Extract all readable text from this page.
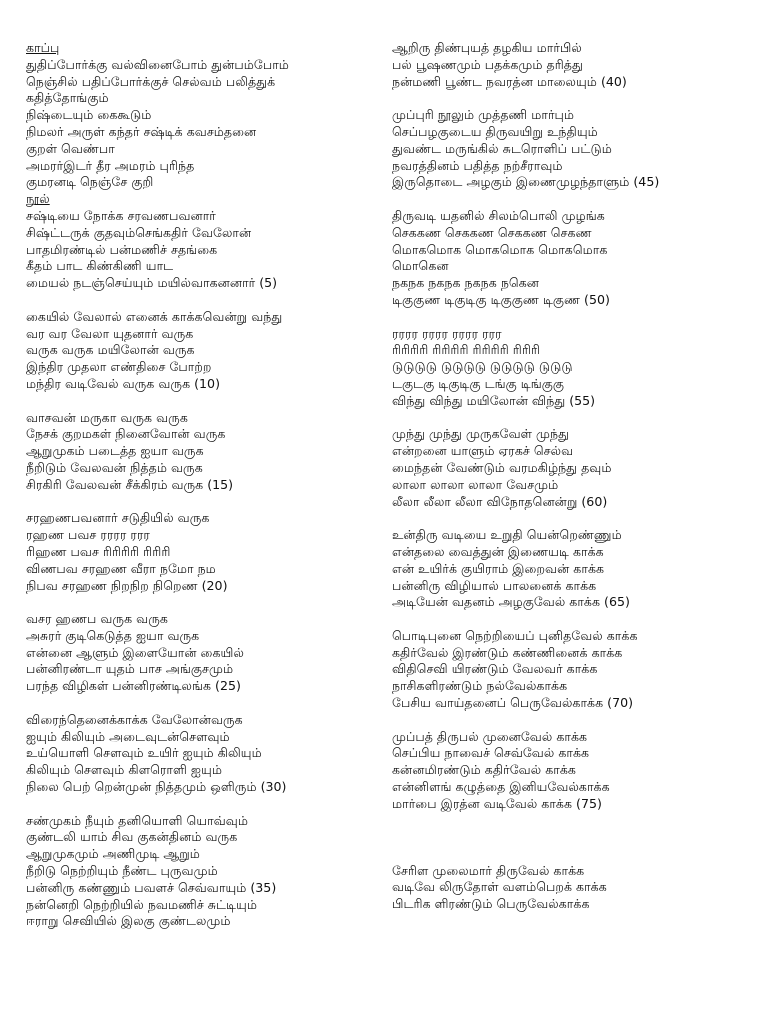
காப்பு
துதிப்போர்க்கு வல்வினைபோம் துன்பம்போம்
நெஞ்சில் பதிப்போர்க்குச் செல்வம் பலித்துக்
கதித்தோங்கும்
நிஷ்டையும் கைகூடும்
நிமலர் அருள் கந்தர் சஷ்டிக் கவசம்தனை
குறள் வெண்பா
அமரர்இடர் தீர அமரம் புரிந்த
குமரனடி நெஞ்சே குறி
நூல்
சஷ்டியை நோக்க சரவணபவனார்
சிஷ்ட்டருக் குதவும்செங்கதிர் வேலோன்
பாதமிரண்டில் பன்மணிச் சதங்கை
கீதம் பாட கிண்கிணி யாட
மையல் நடஞ்செய்யும் மயில்வாகனனார் (5)
கையில் வேலால் எனைக் காக்கவென்று வந்து
வர வர வேலா யுதனார் வருக
வருக வருக மயிலோன் வருக
இந்திர முதலா எண்திசை போற்ற
மந்திர வடிவேல் வருக வருக (10)
வாசவன் மருகா வருக வருக
நேசக் குறமகள் நினைவோன் வருக
ஆறுமுகம் படைத்த ஐயா வருக
நீறிடும் வேலவன் நித்தம் வருக
சிரகிரி வேலவன் சீக்கிரம் வருக (15)
சரஹணபவனார் சடுதியில் வருக
ரஹண பவச ரரரர ரரர
ரிஹண பவச ரிரிரிரி ரிரிரி
விணபவ சரஹண வீரா நமோ நம
நிபவ சரஹண நிறநிற நிறெண (20)
வசர ஹணப வருக வருக
அசுரர் குடிகெடுத்த ஐயா வருக
என்னை ஆளும் இளையோன் கையில்
பன்னிரண்டா யுதம் பாச அங்குசமும்
பரந்த விழிகள் பன்னிரண்டிலங்க (25)
விரைந்தெனைக்காக்க வேலோன்வருக
ஐயும் கிலியும் அடைவுடன்சௌவும்
உய்யொளி சௌவும் உயிர் ஐயும் கிலியும்
கிலியும் சௌவும் கிளரொளி ஐயும்
நிலை பெற் றென்முன் நித்தமும் ஒளிரும் (30)
சண்முகம் நீயும் தனியொளி யொவ்வும்
குண்டலி யாம் சிவ குகன்தினம் வருக
ஆறுமுகமும் அணிமுடி ஆறும்
நீறிடு நெற்றியும் நீண்ட புருவமும்
பன்னிரு கண்ணும் பவளச் செவ்வாயும் (35)
நன்னெறி நெற்றியில் நவமணிச் சுட்டியும்
ஈராறு செவியில் இலகு குண்டலமும்
ஆறிரு திண்புயத் தழகிய மார்பில்
பல் பூஷணமும் பதக்கமும் தரித்து
நன்மணி பூண்ட நவரத்ன மாலையும் (40)
முப்புரி நூலும் முத்தணி மார்பும்
செப்பழகுடைய திருவயிறு உந்தியும்
துவண்ட மருங்கில் சுடரொளிப் பட்டும்
நவரத்தினம் பதித்த நற்சீராவும்
இருதொடை அழகும் இணைமுழந்தாளும் (45)
திருவடி யதனில் சிலம்பொலி முழங்க
செககண செககண செககண செகண
மொகமொக மொகமொக மொகமொக
மொகென
நகநக நகநக நகநக நகென
டிகுகுண டிகுடிகு டிகுகுண டிகுண (50)
ரரரர ரரரர ரரரர ரரர
ரிரிரிரி ரிரிரிரி ரிரிரிரி ரிரிரி
டுடுடுடு டுடுடுடு டுடுடுடு டுடுடு
டகுடகு டிகுடிகு டங்கு டிங்குகு
விந்து விந்து மயிலோன் விந்து (55)
முந்து முந்து முருகவேள் முந்து
என்றனை யாளும் ஏரகச் செல்வ
மைந்தன் வேண்டும் வரமகிழ்ந்து தவும்
லாலா லாலா லாலா வேசமும்
லீலா லீலா லீலா விநோதனென்று (60)
உன்திரு வடியை உறுதி யென்றெண்ணும்
என்தலை வைத்துன் இணையடி காக்க
என் உயிர்க் குயிராம் இறைவன் காக்க
பன்னிரு விழியால் பாலனைக் காக்க
அடியேன் வதனம் அழகுவேல் காக்க (65)
பொடிபுனை நெற்றியைப் புனிதவேல் காக்க
கதிர்வேல் இரண்டும் கண்ணினைக் காக்க
விதிசெவி யிரண்டும் வேலவர் காக்க
நாசிகளிரண்டும் நல்வேல்காக்க
பேசிய வாய்தனைப் பெருவேல்காக்க (70)
முப்பத் திருபல் முனைவேல் காக்க
செப்பிய நாவைச் செவ்வேல் காக்க
கன்னமிரண்டும் கதிர்வேல் காக்க
என்னிளங் கழுத்தை இனியவேல்காக்க
மார்பை இரத்ன வடிவேல் காக்க (75)
சேரிள முலைமார் திருவேல் காக்க
வடிவே லிருதோள் வளம்பெறக் காக்க
பிடரிக ளிரண்டும் பெருவேல்காக்க
